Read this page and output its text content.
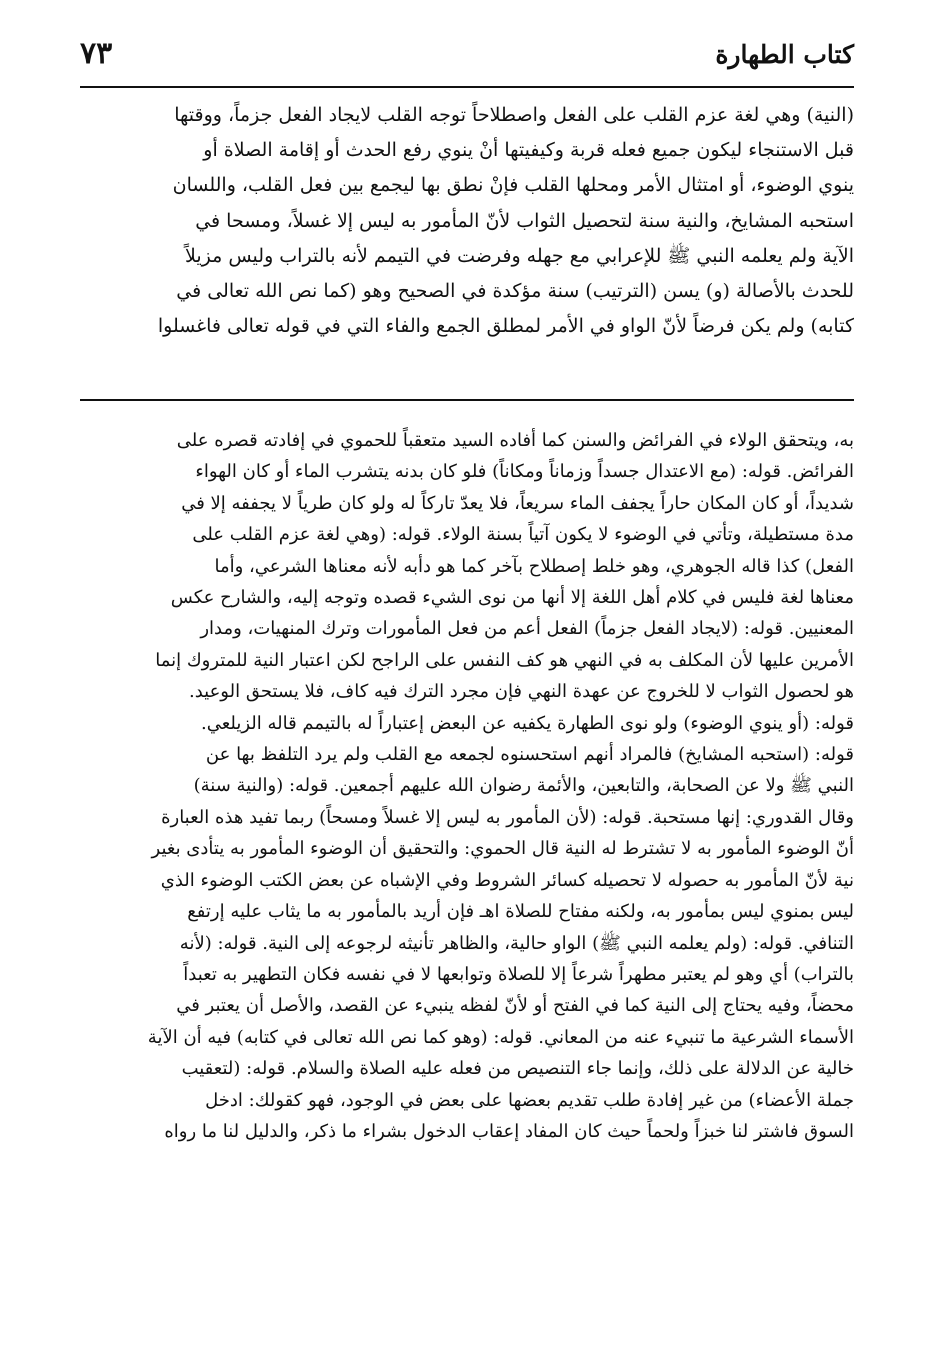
كتاب الطهارة
٧٣
(النية) وهي لغة عزم القلب على الفعل واصطلاحاً توجه القلب لايجاد الفعل جزماً، ووقتها
قبل الاستنجاء ليكون جميع فعله قربة وكيفيتها أنْ ينوي رفع الحدث أو إقامة الصلاة أو
ينوي الوضوء، أو امتثال الأمر ومحلها القلب فإنْ نطق بها ليجمع بين فعل القلب، واللسان
استحبه المشايخ، والنية سنة لتحصيل الثواب لأنّ المأمور به ليس إلا غسلاً، ومسحا في
الآية ولم يعلمه النبي ﷺ للإعرابي مع جهله وفرضت في التيمم لأنه بالتراب وليس مزيلاً
للحدث بالأصالة (و) يسن (الترتيب) سنة مؤكدة في الصحيح وهو (كما نص الله تعالى في
كتابه) ولم يكن فرضاً لأنّ الواو في الأمر لمطلق الجمع والفاء التي في قوله تعالى فاغسلوا
به، ويتحقق الولاء في الفرائض والسنن كما أفاده السيد متعقباً للحموي في إفادته قصره على
الفرائض. قوله: (مع الاعتدال جسداً وزماناً ومكاناً) فلو كان بدنه يتشرب الماء أو كان الهواء
شديداً، أو كان المكان حاراً يجفف الماء سريعاً، فلا يعدّ تاركاً له ولو كان طرياً لا يجففه إلا في
مدة مستطيلة، وتأتي في الوضوء لا يكون آتياً بسنة الولاء. قوله: (وهي لغة عزم القلب على
الفعل) كذا قاله الجوهري، وهو خلط إصطلاح بآخر كما هو دأبه لأنه معناها الشرعي، وأما
معناها لغة فليس في كلام أهل اللغة إلا أنها من نوى الشيء قصده وتوجه إليه، والشارح عكس
المعنيين. قوله: (لايجاد الفعل جزماً) الفعل أعم من فعل المأمورات وترك المنهيات، ومدار
الأمرين عليها لأن المكلف به في النهي هو كف النفس على الراجح لكن اعتبار النية للمتروك إنما
هو لحصول الثواب لا للخروج عن عهدة النهي فإن مجرد الترك فيه كاف، فلا يستحق الوعيد.
قوله: (أو ينوي الوضوء) ولو نوى الطهارة يكفيه عن البعض إعتباراً له بالتيمم قاله الزيلعي.
قوله: (استحبه المشايخ) فالمراد أنهم استحسنوه لجمعه مع القلب ولم يرد التلفظ بها عن
النبي ﷺ ولا عن الصحابة، والتابعين، والأئمة رضوان الله عليهم أجمعين. قوله: (والنية سنة)
وقال القدوري: إنها مستحبة. قوله: (لأن المأمور به ليس إلا غسلاً ومسحاً) ربما تفيد هذه العبارة
أنّ الوضوء المأمور به لا تشترط له النية قال الحموي: والتحقيق أن الوضوء المأمور به يتأدى بغير
نية لأنّ المأمور به حصوله لا تحصيله كسائر الشروط وفي الإشباه عن بعض الكتب الوضوء الذي
ليس بمنوي ليس بمأمور به، ولكنه مفتاح للصلاة اهـ فإن أريد بالمأمور به ما يثاب عليه إرتفع
التنافي. قوله: (ولم يعلمه النبي ﷺ) الواو حالية، والظاهر تأنيثه لرجوعه إلى النية. قوله: (لأنه
بالتراب) أي وهو لم يعتبر مطهراً شرعاً إلا للصلاة وتوابعها لا في نفسه فكان التطهير به تعبداً
محضاً، وفيه يحتاج إلى النية كما في الفتح أو لأنّ لفظه ينبيء عن القصد، والأصل أن يعتبر في
الأسماء الشرعية ما تنبيء عنه من المعاني. قوله: (وهو كما نص الله تعالى في كتابه) فيه أن الآية
خالية عن الدلالة على ذلك، وإنما جاء التنصيص من فعله عليه الصلاة والسلام. قوله: (لتعقيب
جملة الأعضاء) من غير إفادة طلب تقديم بعضها على بعض في الوجود، فهو كقولك: ادخل
السوق فاشتر لنا خبزاً ولحماً حيث كان المفاد إعقاب الدخول بشراء ما ذكر، والدليل لنا ما رواه
